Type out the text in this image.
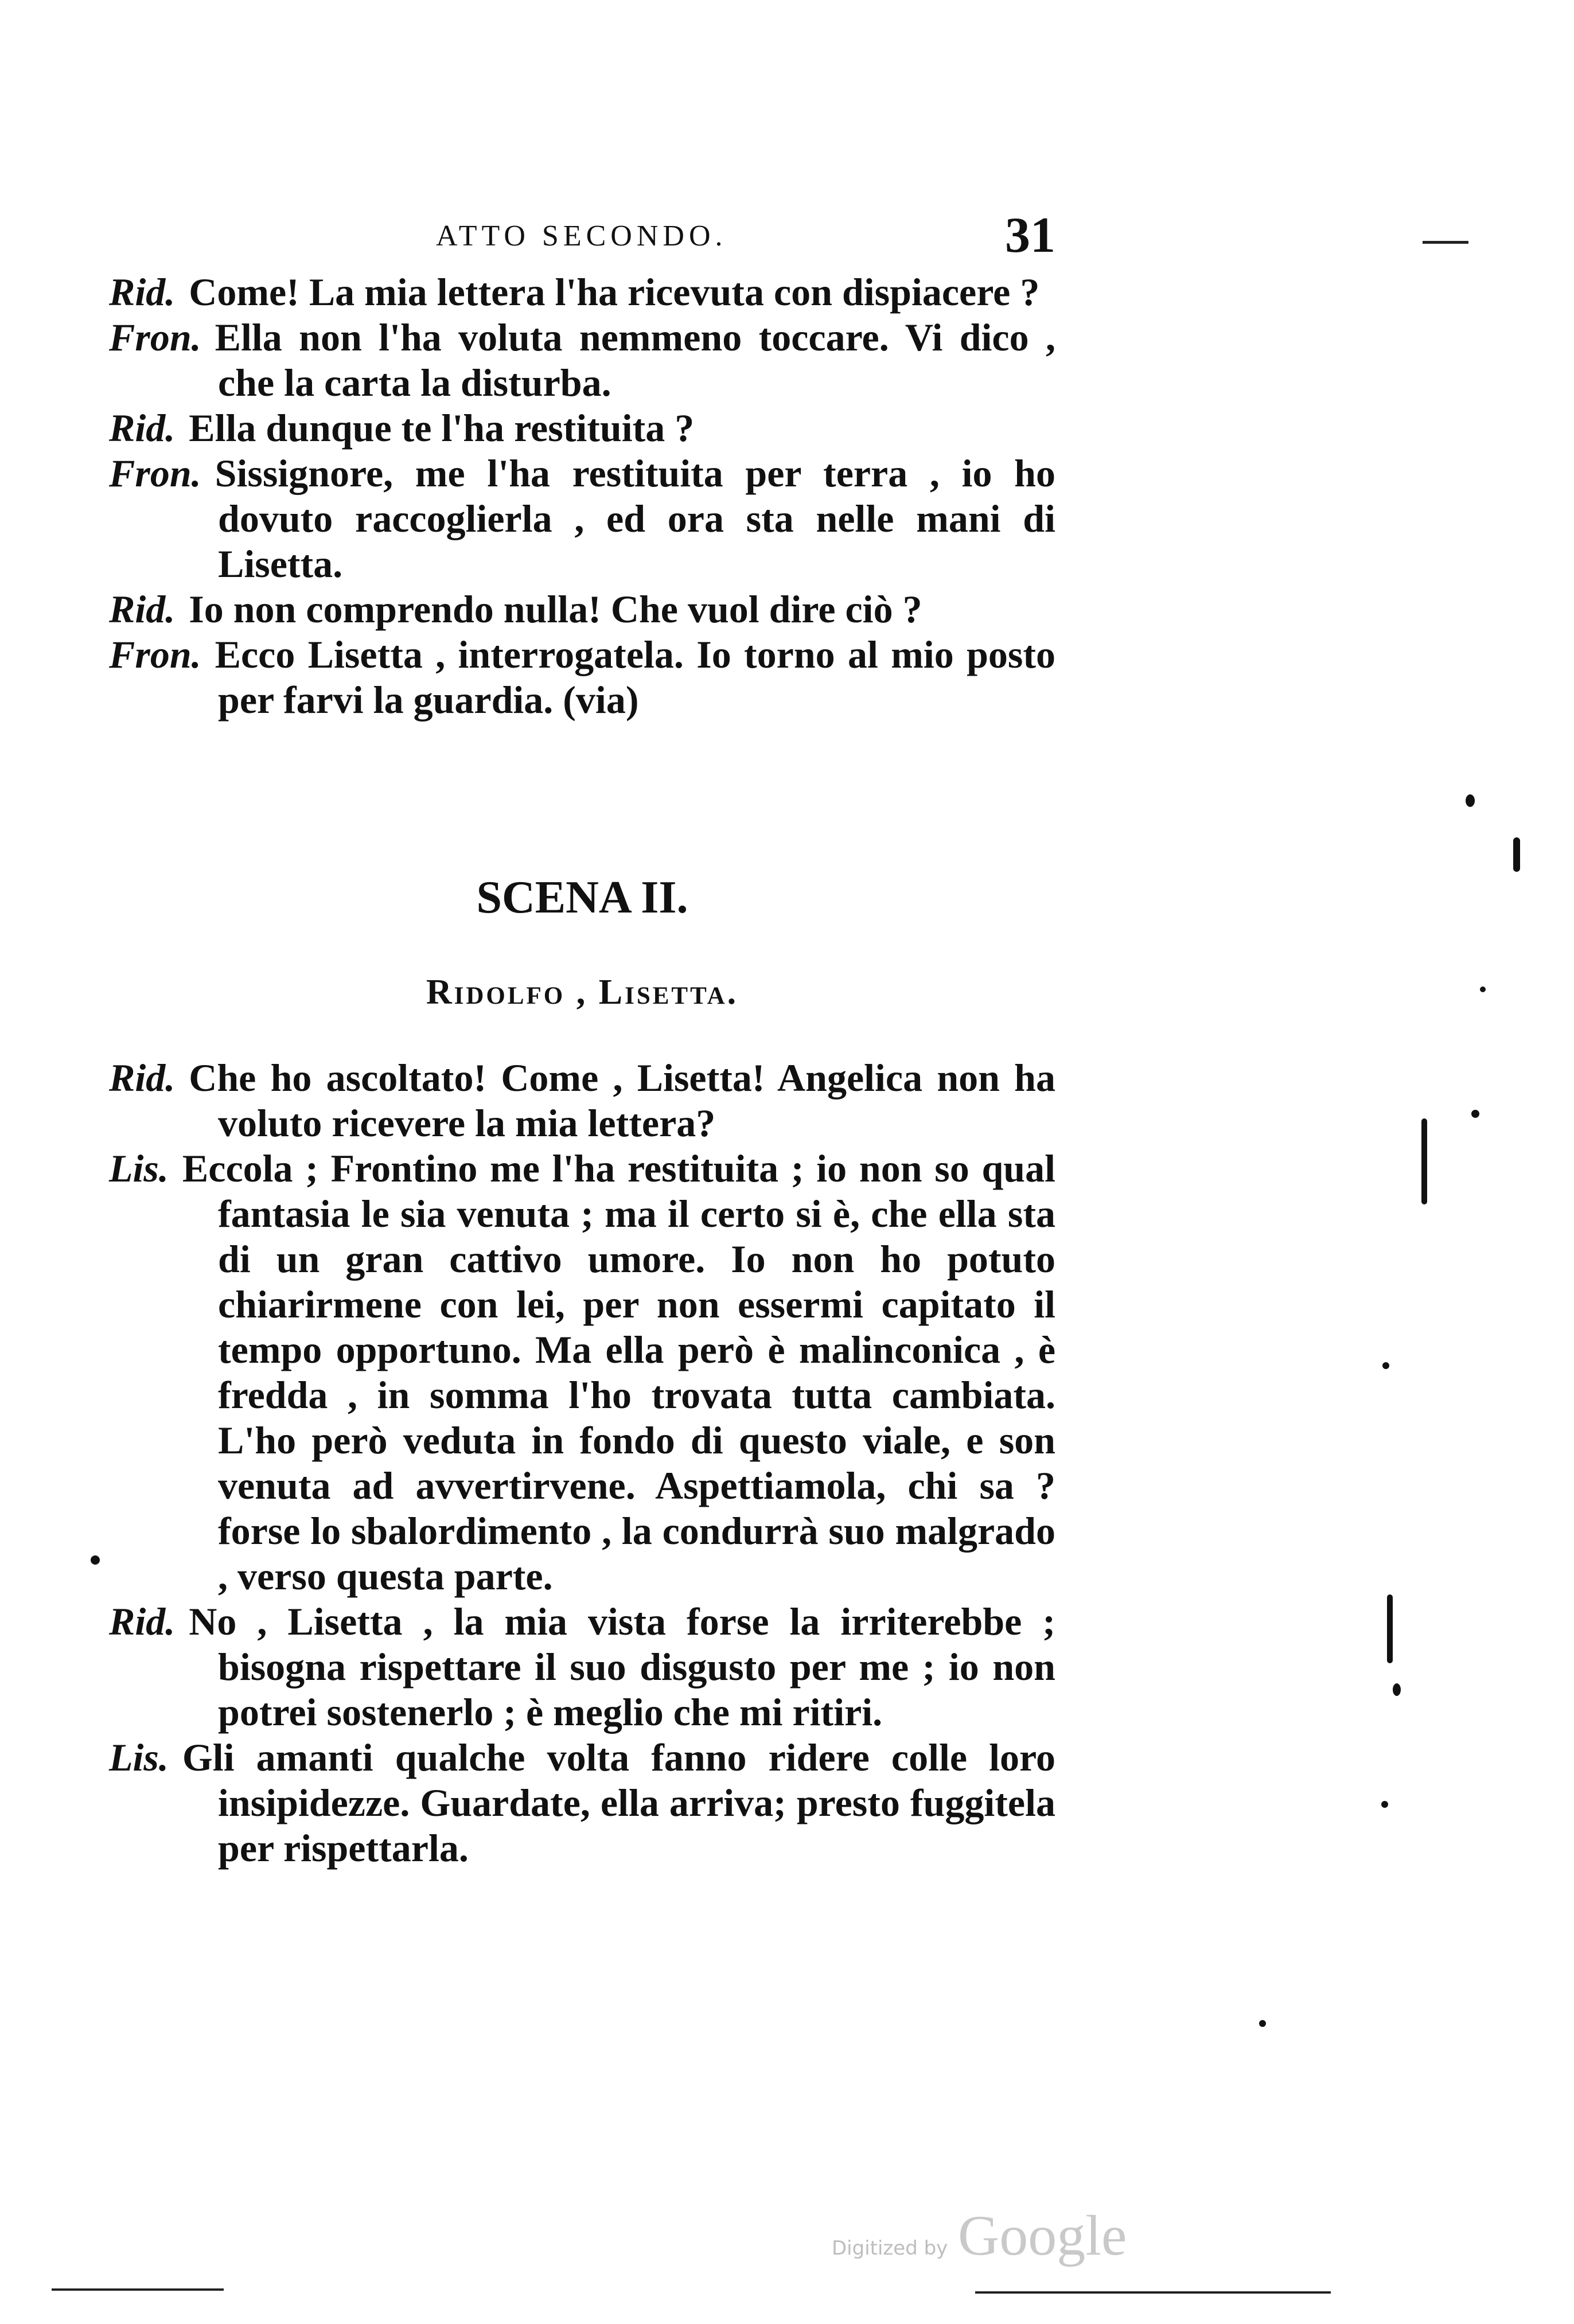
ATTO SECONDO.	31

Rid. Come! La mia lettera l'ha ricevuta con dispiacere ?

Fron. Ella non l'ha voluta nemmeno toccare. Vi dico , che la carta la disturba.

Rid. Ella dunque te l'ha restituita ?

Fron. Sissignore, me l'ha restituita per terra , io ho dovuto raccoglierla , ed ora sta nelle mani di Lisetta.

Rid. Io non comprendo nulla! Che vuol dire ciò ?

Fron. Ecco Lisetta , interrogatela. Io torno al mio posto per farvi la guardia. (via)

SCENA II.
Ridolfo , Lisetta.

Rid. Che ho ascoltato! Come , Lisetta! Angelica non ha voluto ricevere la mia lettera?

Lis. Eccola ; Frontino me l'ha restituita ; io non so qual fantasia le sia venuta ; ma il certo si è, che ella sta di un gran cattivo umore. Io non ho potuto chiarirmene con lei, per non essermi capitato il tempo opportuno. Ma ella però è malinconica , è fredda , in somma l'ho trovata tutta cambiata. L'ho però veduta in fondo di questo viale, e son venuta ad avvertirvene. Aspettiamola, chi sa ? forse lo sbalordimento , la condurrà suo malgrado , verso questa parte.

Rid. No , Lisetta , la mia vista forse la irriterebbe ; bisogna rispettare il suo disgusto per me ; io non potrei sostenerlo ; è meglio che mi ritiri.

Lis. Gli amanti qualche volta fanno ridere colle loro insipidezze. Guardate, ella arriva; presto fuggitela per rispettarla.

Digitized by Google
